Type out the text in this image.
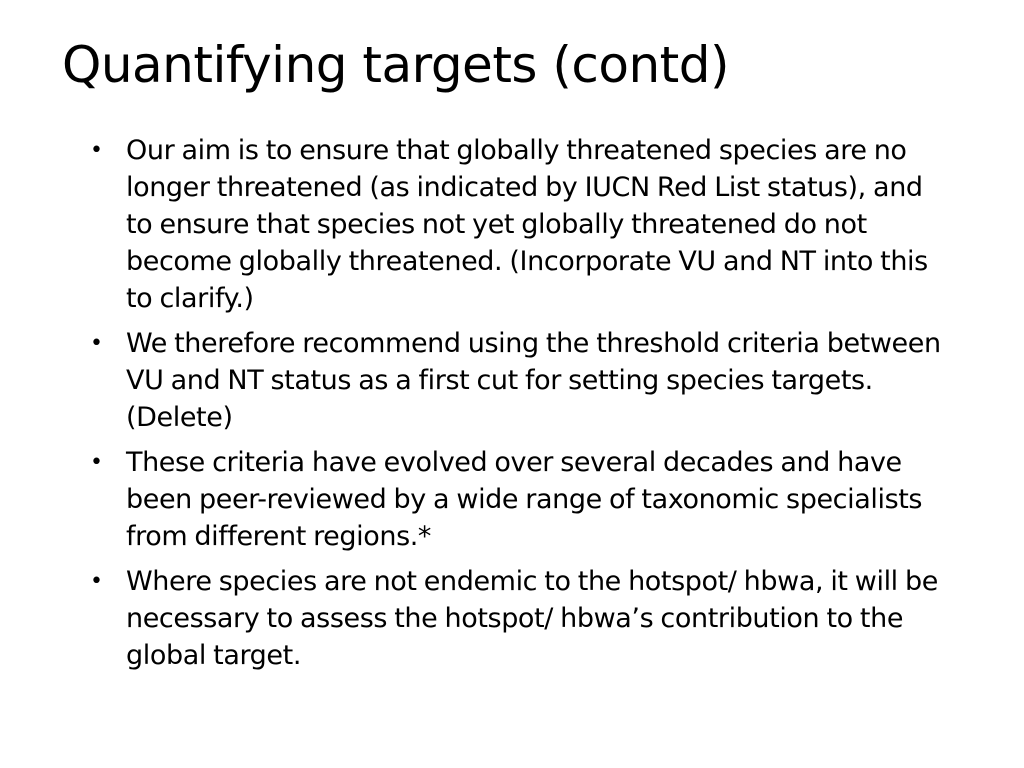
Quantifying targets (contd)
• Our aim is to ensure that globally threatened species are no longer threatened (as indicated by IUCN Red List status), and to ensure that species not yet globally threatened do not become globally threatened. (Incorporate VU and NT into this to clarify.)
• We therefore recommend using the threshold criteria between VU and NT status as a first cut for setting species targets. (Delete)
• These criteria have evolved over several decades and have been peer-reviewed by a wide range of taxonomic specialists from different regions.*
• Where species are not endemic to the hotspot/ hbwa, it will be necessary to assess the hotspot/ hbwa’s contribution to the global target.
